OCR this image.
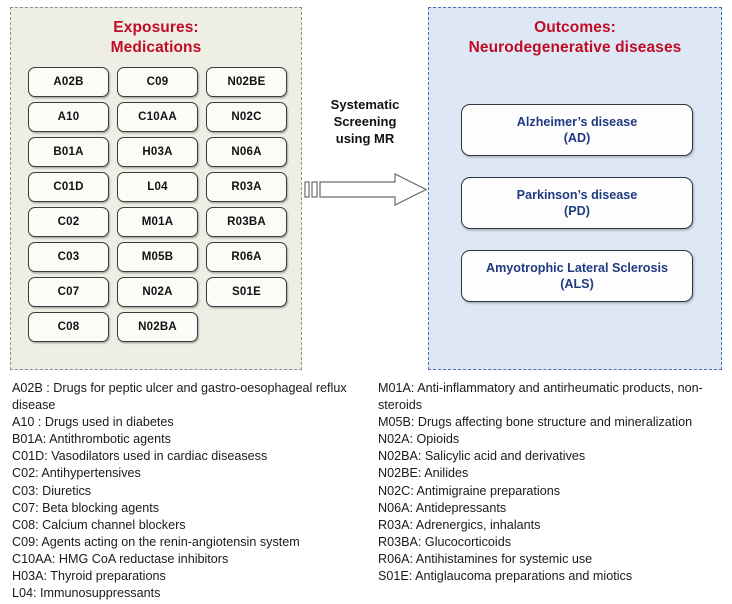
Exposures:
Medications
A02B	C09	N02BE
A10	C10AA	N02C
B01A	H03A	N06A
C01D	L04	R03A
C02	M01A	R03BA
C03	M05B	R06A
C07	N02A	S01E
C08	N02BA
Systematic
Screening
using MR
Outcomes:
Neurodegenerative diseases
Alzheimer’s disease
(AD)
Parkinson’s disease
(PD)
Amyotrophic Lateral Sclerosis
(ALS)
A02B : Drugs for peptic ulcer and gastro-oesophageal reflux disease
A10 : Drugs used in diabetes
B01A: Antithrombotic agents
C01D: Vasodilators used in cardiac diseasess
C02: Antihypertensives
C03: Diuretics
C07: Beta blocking agents
C08: Calcium channel blockers
C09: Agents acting on the renin-angiotensin system
C10AA: HMG CoA reductase inhibitors
H03A: Thyroid preparations
L04: Immunosuppressants
M01A: Anti-inflammatory and antirheumatic products, non-steroids
M05B: Drugs affecting bone structure and mineralization
N02A: Opioids
N02BA: Salicylic acid and derivatives
N02BE: Anilides
N02C: Antimigraine preparations
N06A: Antidepressants
R03A: Adrenergics, inhalants
R03BA: Glucocorticoids
R06A: Antihistamines for systemic use
S01E: Antiglaucoma preparations and miotics
